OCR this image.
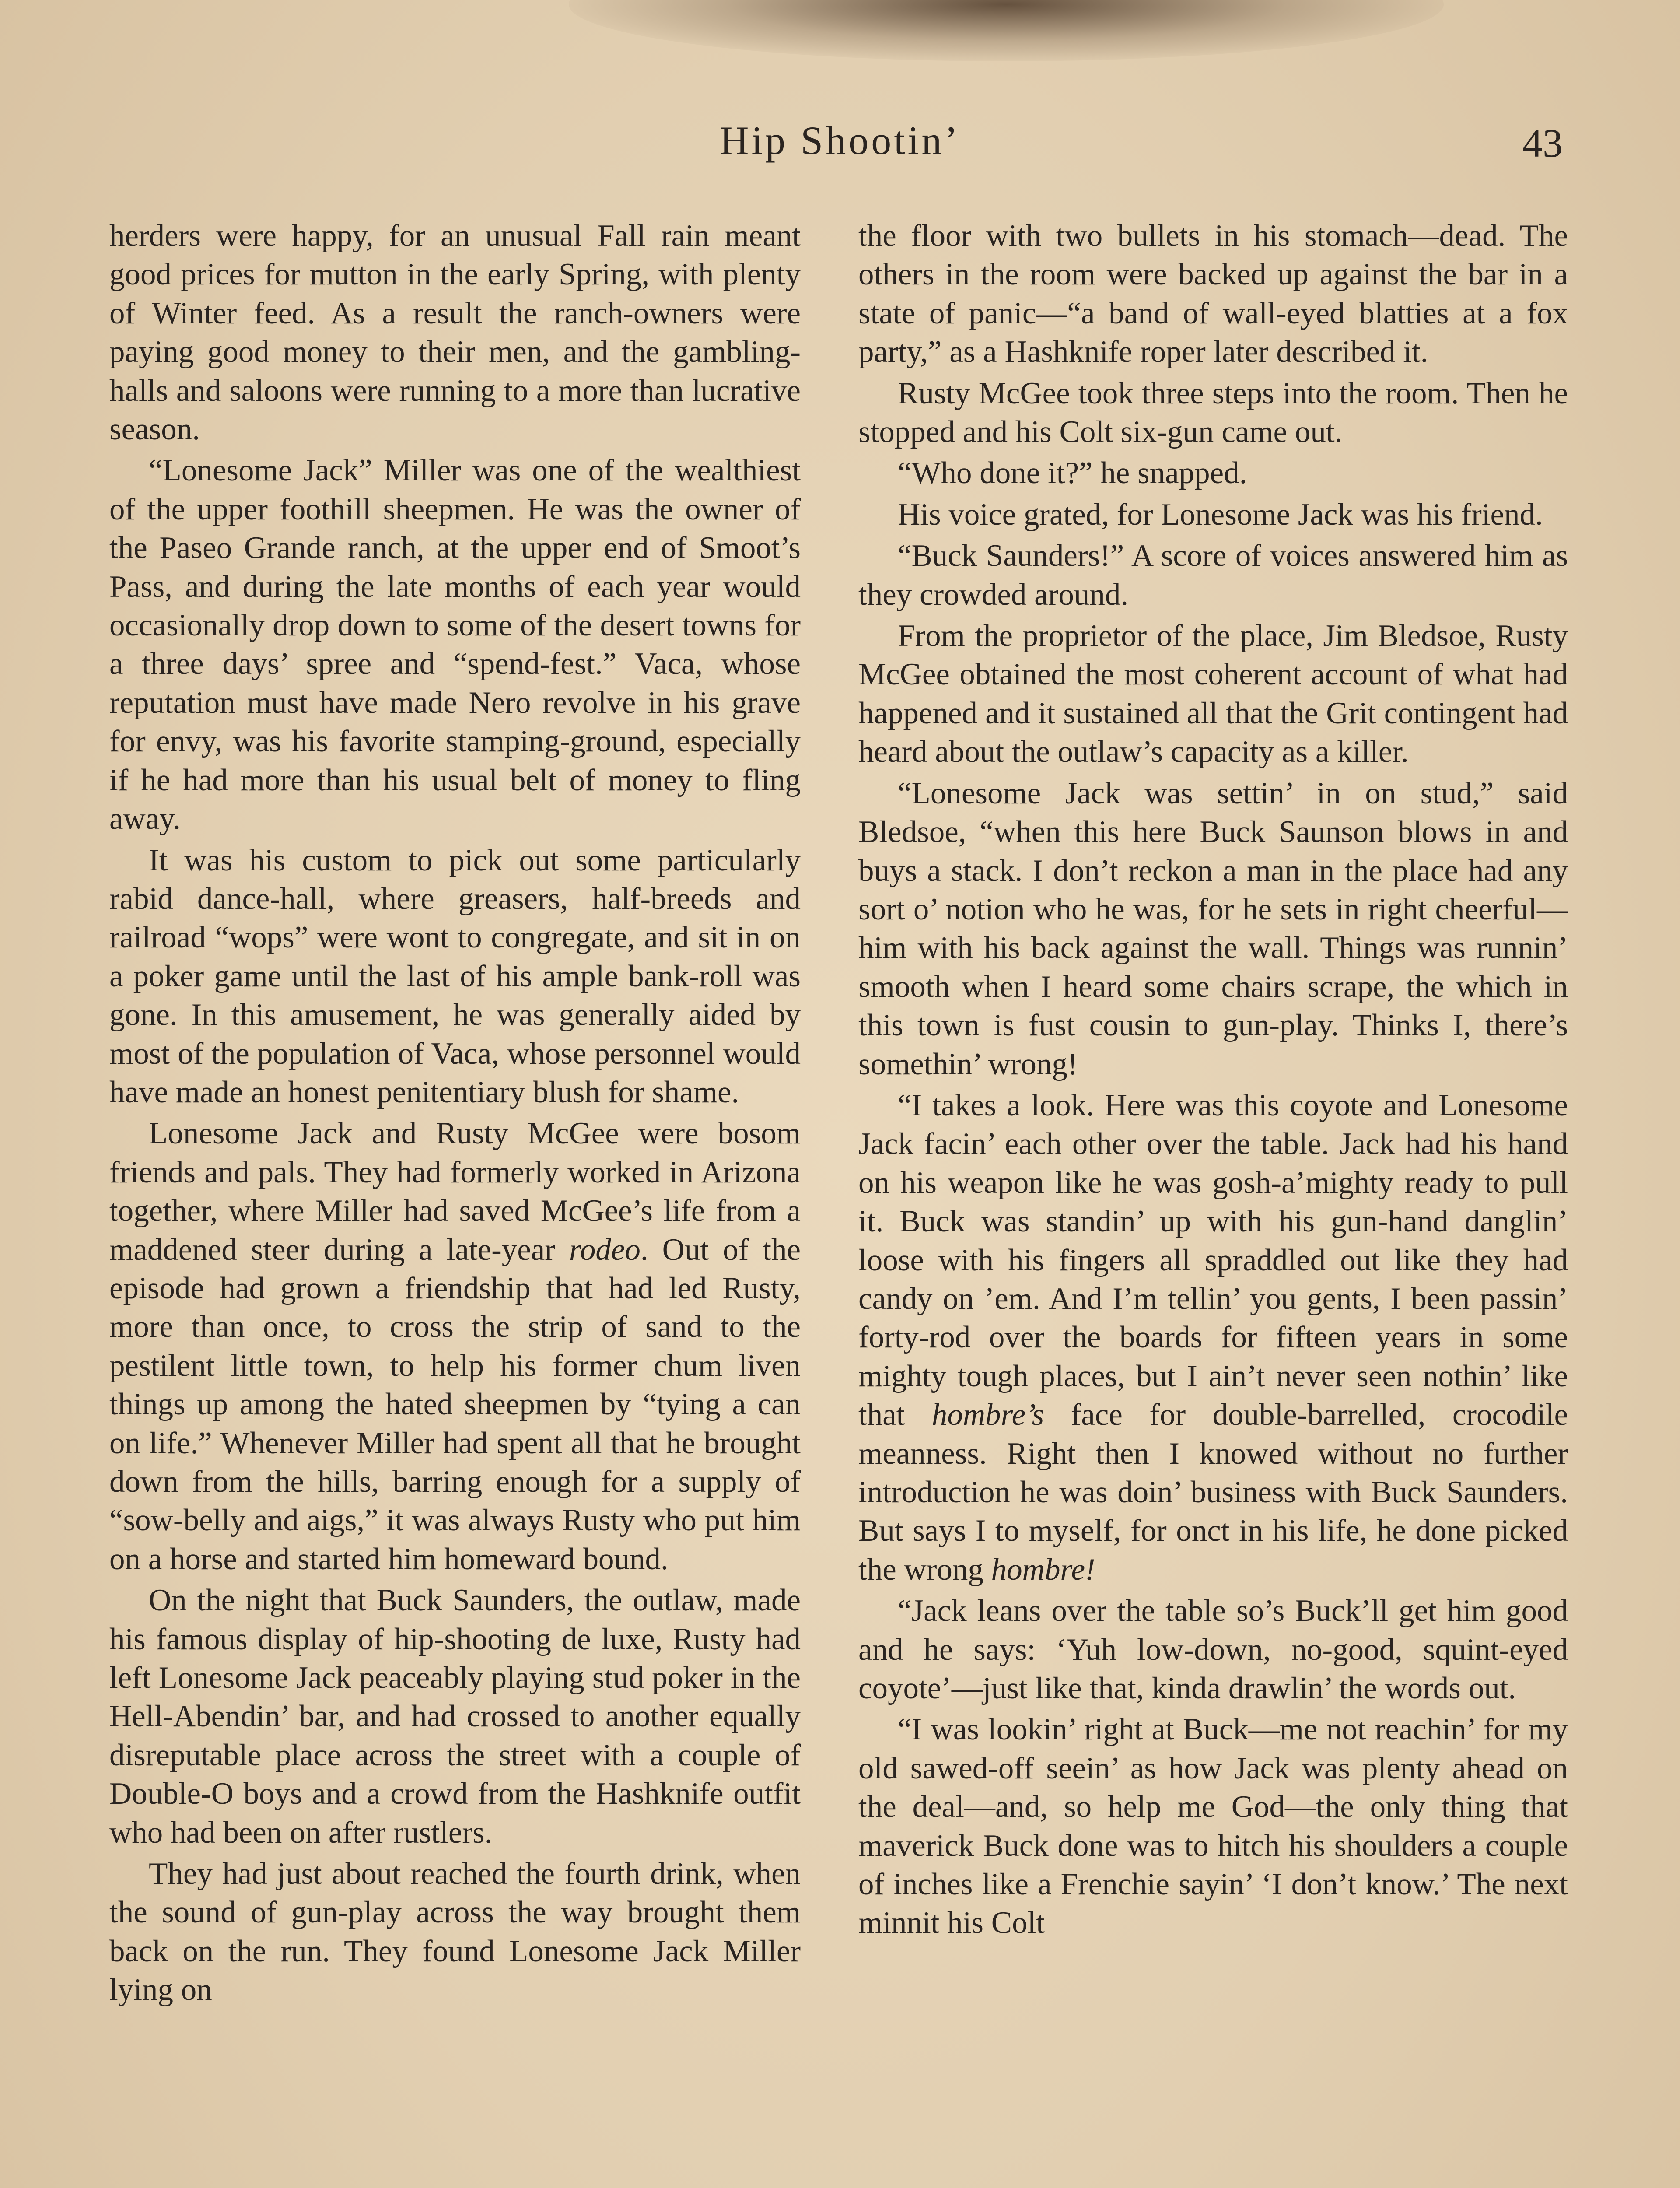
Hip Shootin’	43

herders were happy, for an unusual Fall rain meant good prices for mutton in the early Spring, with plenty of Winter feed. As a result the ranch-owners were paying good money to their men, and the gambling-halls and saloons were running to a more than lucrative season.

“Lonesome Jack” Miller was one of the wealthiest of the upper foothill sheepmen. He was the owner of the Paseo Grande ranch, at the upper end of Smoot’s Pass, and during the late months of each year would occasionally drop down to some of the desert towns for a three days’ spree and “spend-fest.” Vaca, whose reputation must have made Nero revolve in his grave for envy, was his favorite stamping-ground, especially if he had more than his usual belt of money to fling away.

It was his custom to pick out some particularly rabid dance-hall, where greasers, half-breeds and railroad “wops” were wont to congregate, and sit in on a poker game until the last of his ample bank-roll was gone. In this amusement, he was generally aided by most of the population of Vaca, whose personnel would have made an honest penitentiary blush for shame.

Lonesome Jack and Rusty McGee were bosom friends and pals. They had formerly worked in Arizona together, where Miller had saved McGee’s life from a maddened steer during a late-year rodeo. Out of the episode had grown a friendship that had led Rusty, more than once, to cross the strip of sand to the pestilent little town, to help his former chum liven things up among the hated sheepmen by “tying a can on life.” Whenever Miller had spent all that he brought down from the hills, barring enough for a supply of “sow-belly and aigs,” it was always Rusty who put him on a horse and started him homeward bound.

On the night that Buck Saunders, the outlaw, made his famous display of hip-shooting de luxe, Rusty had left Lonesome Jack peaceably playing stud poker in the Hell-Abendin’ bar, and had crossed to another equally disreputable place across the street with a couple of Double-O boys and a crowd from the Hashknife outfit who had been on after rustlers.

They had just about reached the fourth drink, when the sound of gun-play across the way brought them back on the run. They found Lonesome Jack Miller lying on

the floor with two bullets in his stomach—dead. The others in the room were backed up against the bar in a state of panic—“a band of wall-eyed blatties at a fox party,” as a Hashknife roper later described it.

Rusty McGee took three steps into the room. Then he stopped and his Colt six-gun came out.

“Who done it?” he snapped.

His voice grated, for Lonesome Jack was his friend.

“Buck Saunders!” A score of voices answered him as they crowded around.

From the proprietor of the place, Jim Bledsoe, Rusty McGee obtained the most coherent account of what had happened and it sustained all that the Grit contingent had heard about the outlaw’s capacity as a killer.

“Lonesome Jack was settin’ in on stud,” said Bledsoe, “when this here Buck Saunson blows in and buys a stack. I don’t reckon a man in the place had any sort o’ notion who he was, for he sets in right cheerful—him with his back against the wall. Things was runnin’ smooth when I heard some chairs scrape, the which in this town is fust cousin to gun-play. Thinks I, there’s somethin’ wrong!

“I takes a look. Here was this coyote and Lonesome Jack facin’ each other over the table. Jack had his hand on his weapon like he was gosh-a’mighty ready to pull it. Buck was standin’ up with his gun-hand danglin’ loose with his fingers all spraddled out like they had candy on ’em. And I’m tellin’ you gents, I been passin’ forty-rod over the boards for fifteen years in some mighty tough places, but I ain’t never seen nothin’ like that hombre’s face for double-barrelled, crocodile meanness. Right then I knowed without no further introduction he was doin’ business with Buck Saunders. But says I to myself, for onct in his life, he done picked the wrong hombre!

“Jack leans over the table so’s Buck’ll get him good and he says: ‘Yuh low-down, no-good, squint-eyed coyote’—just like that, kinda drawlin’ the words out.

“I was lookin’ right at Buck—me not reachin’ for my old sawed-off seein’ as how Jack was plenty ahead on the deal—and, so help me God—the only thing that maverick Buck done was to hitch his shoulders a couple of inches like a Frenchie sayin’ ‘I don’t know.’ The next minnit his Colt
